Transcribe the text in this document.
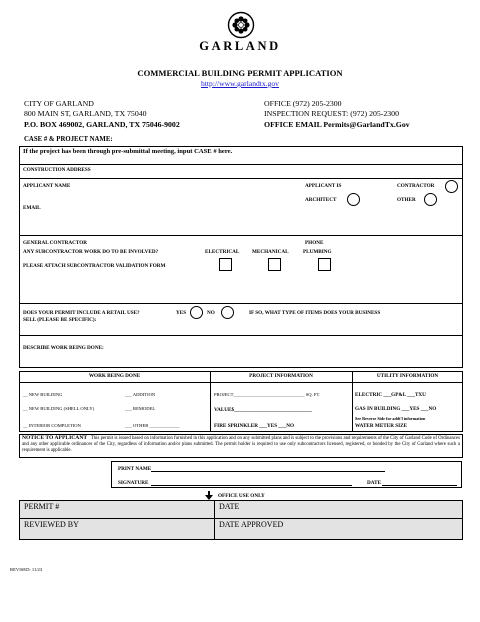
GARLAND
COMMERCIAL BUILDING PERMIT APPLICATION
http://www.garlandtx.gov
CITY OF GARLAND
800 MAIN ST, GARLAND, TX 75040
P.O. BOX 469002, GARLAND, TX 75046-9002
OFFICE (972) 205-2300
INSPECTION REQUEST: (972) 205-2300
OFFICE EMAIL Permits@GarlandTx.Gov
CASE # & PROJECT NAME:
If the project has been through pre-submittal meeting, input CASE # here.
CONSTRUCTION ADDRESS
APPLICANT NAME	APPLICANT IS	CONTRACTOR
ARCHITECT	OTHER
EMAIL
GENERAL CONTRACTOR	PHONE
ANY SUBCONTRACTOR WORK DO TO BE INVOLVED?	ELECTRICAL MECHANICAL	PLUMBING
PLEASE ATTACH SUBCONTRACTOR VALIDATION FORM
DOES YOUR PERMIT INCLUDE A RETAIL USE?	YES	NO	IF SO, WHAT TYPE OF ITEMS DOES YOUR BUSINESS
SELL (PLEASE BE SPECIFIC):
DESCRIBE WORK BEING DONE:
WORK BEING DONE	PROJECT INFORMATION	UTILITY INFORMATION
__ NEW BUILDING	___ ADDITION	PROJECT_______________________________ SQ. FT.	ELECTRIC ___GP&L ___TXU
__ NEW BUILDING (SHELL ONLY)	___ REMODEL	VALUE$______________________________	GAS IN BUILDING ___YES ___NO
__ INTERIOR COMPLETION	___ OTHER _____________	FIRE SPRINKLER ___YES ___NO
See Reverse Side for addt'l information
WATER METER SIZE
NOTICE TO APPLICANT This permit is issued based on information furnished in this application and on any submitted plans and is subject to the provisions and requirements of the City of Garland Code of Ordinances and any other applicable ordinances of the City, regardless of information and/or plans submitted. The permit holder is required to use only subcontractors licensed, registered, or bonded by the City of Garland where such a requirement is applicable.
PRINT NAME
SIGNATURE	DATE
OFFICE USE ONLY
PERMIT #	DATE
REVIEWED BY	DATE APPROVED
REVISED: 11/23
